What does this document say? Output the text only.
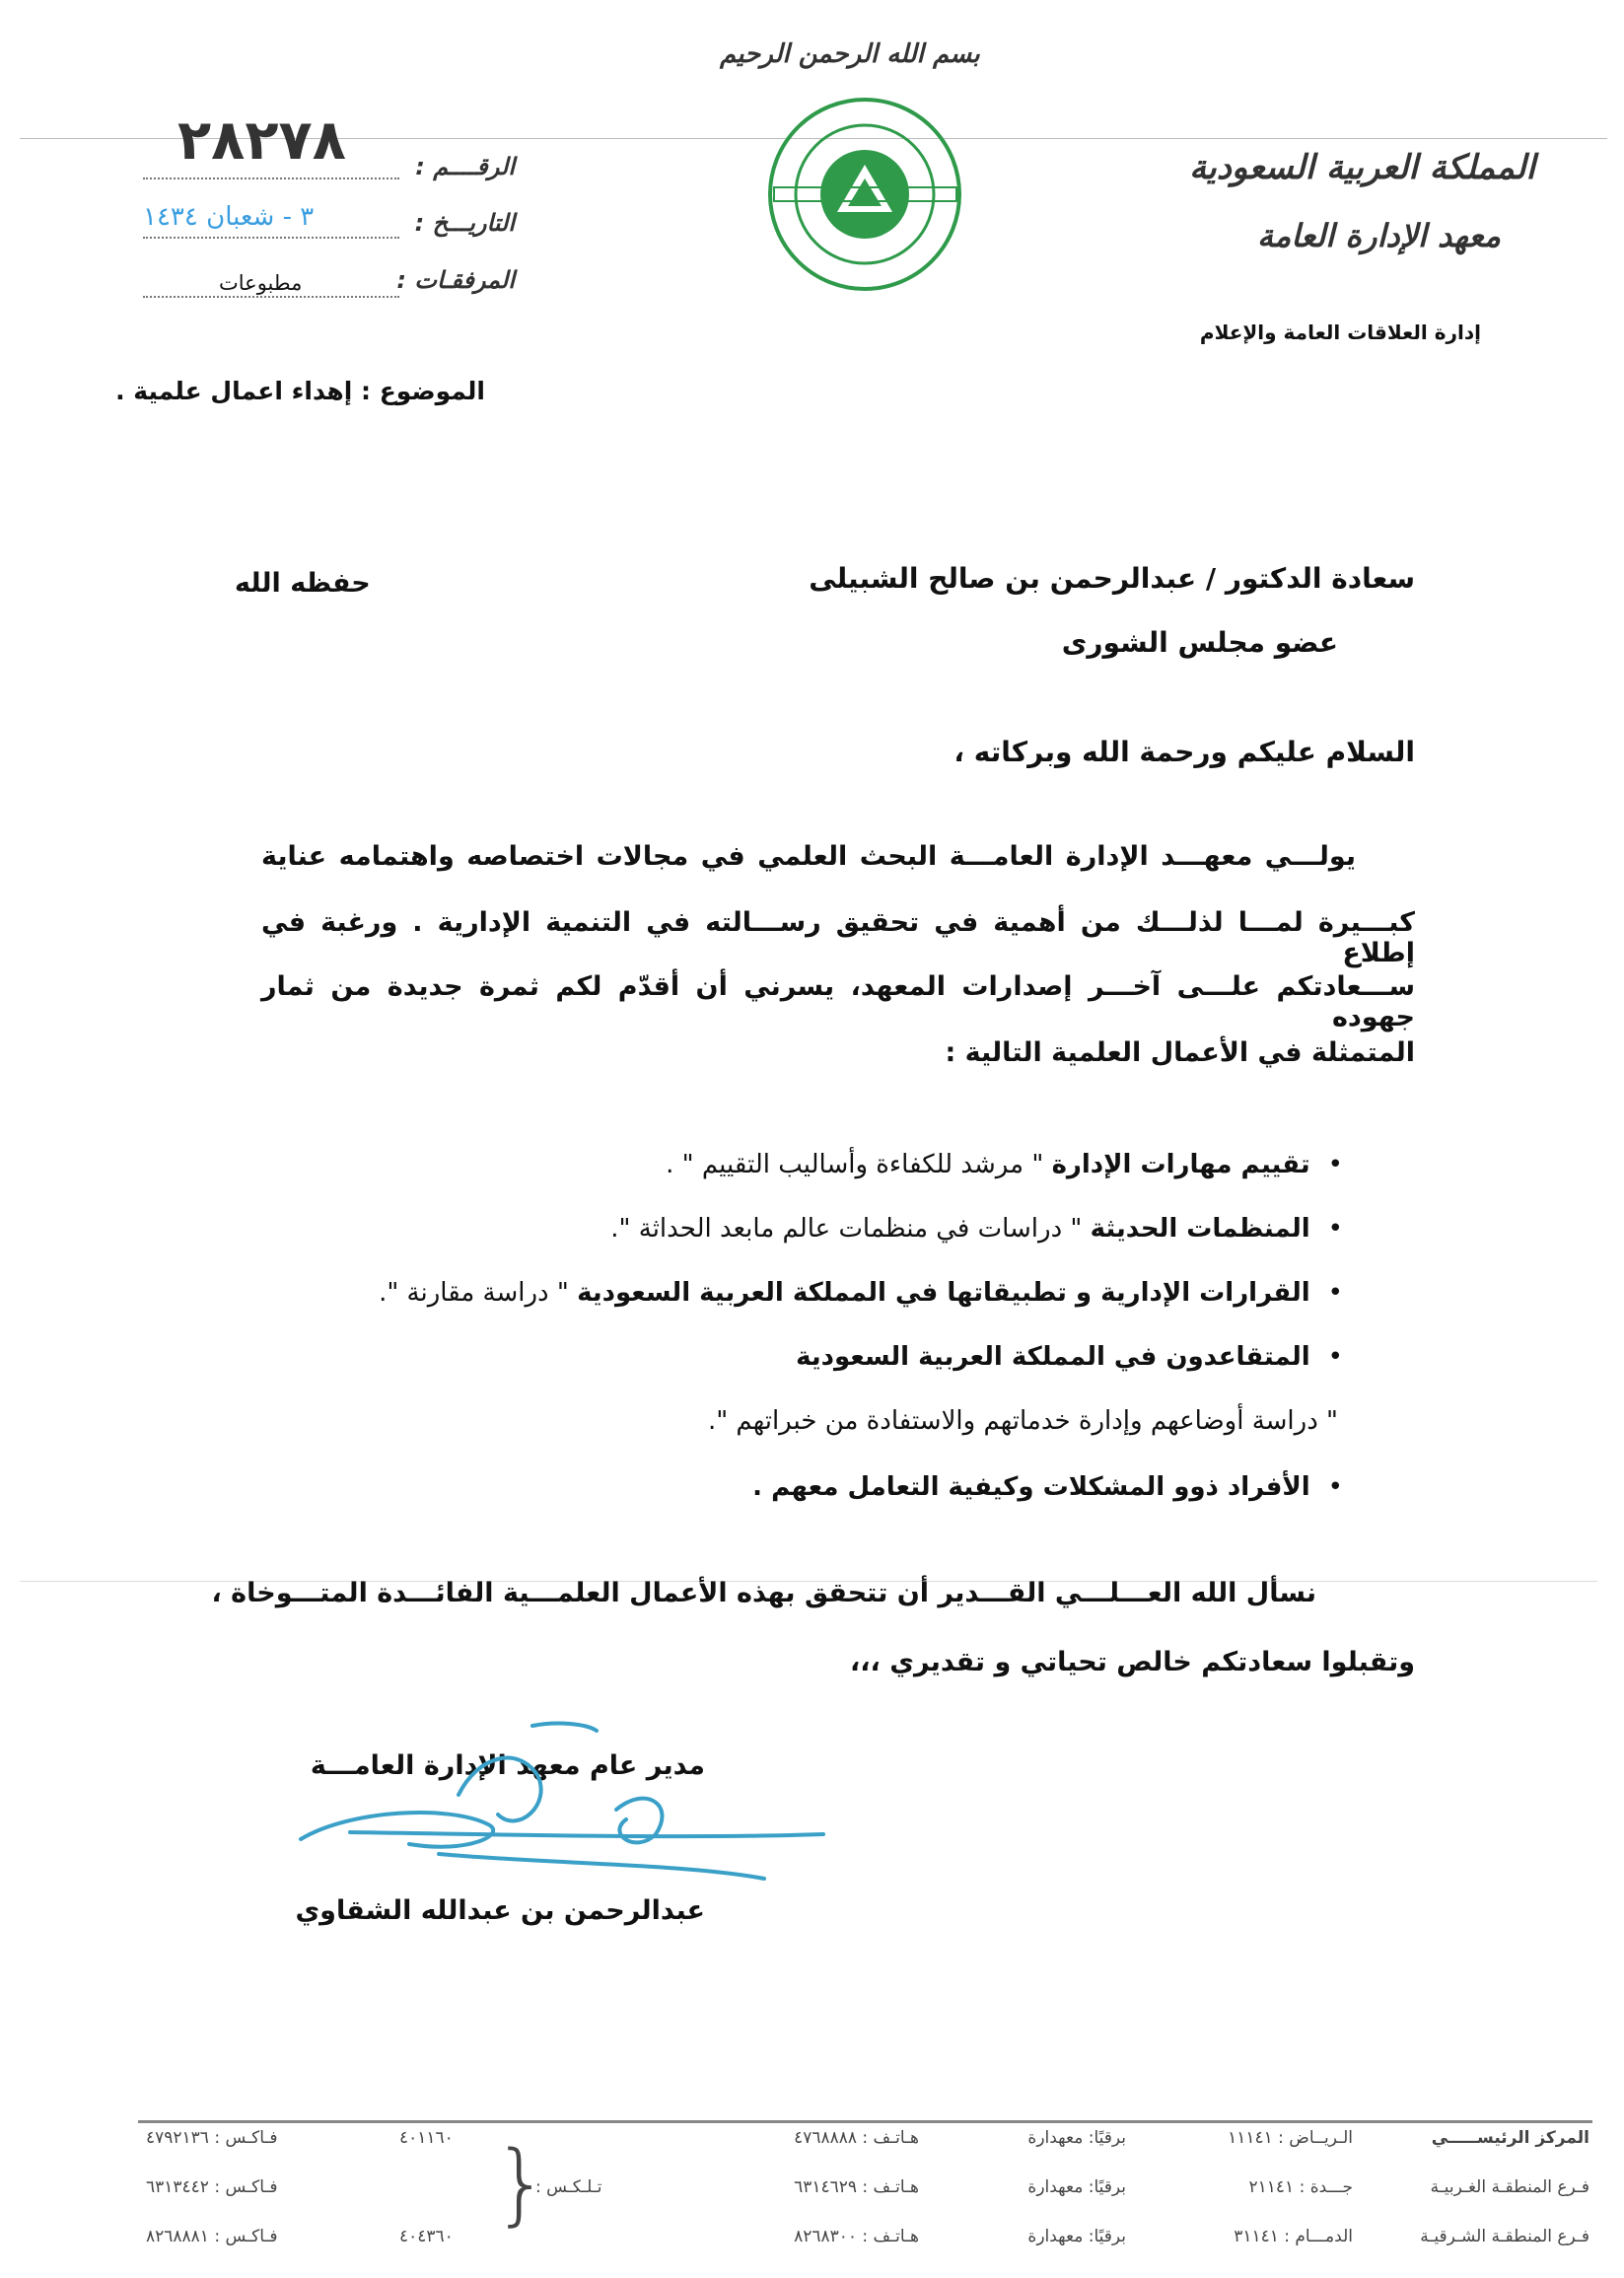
بسم الله الرحمن الرحيم
المملكة العربية السعودية
معهد الإدارة العامة
إدارة العلاقات العامة والإعلام
٢٨٢٧٨	الرقــــم :
التاريـــخ :
٣ - شعبان ١٤٣٤
المرفقـات :
مطبوعات
الموضوع : إهداء اعمال علمية .
سعادة الدكتور / عبدالرحمن بن صالح الشبيلى
حفظه الله
عضو مجلس الشورى
السلام عليكم ورحمة الله وبركاته ،
يولـــي معهـــد الإدارة العامـــة البحث العلمي في مجالات اختصاصه واهتمامه عناية
كبـــيرة لمـــا لذلـــك من أهمية في تحقيق رســـالته في التنمية الإدارية . ورغبة في إطلاع
ســـعادتكم علـــى آخـــر إصدارات المعهد، يسرني أن أقدّم لكم ثمرة جديدة من ثمار جهوده
المتمثلة في الأعمال العلمية التالية :
• تقييم مهارات الإدارة " مرشد للكفاءة وأساليب التقييم " .
• المنظمات الحديثة " دراسات في منظمات عالم مابعد الحداثة ".
• القرارات الإدارية و تطبيقاتها في المملكة العربية السعودية " دراسة مقارنة ".
• المتقاعدون في المملكة العربية السعودية
" دراسة أوضاعهم وإدارة خدماتهم والاستفادة من خبراتهم ".
• الأفراد ذوو المشكلات وكيفية التعامل معهم .
نسأل الله العـــلـــي القـــدير أن تتحقق بهذه الأعمال العلمـــية الفائـــدة المتـــوخاة ،
وتقبلوا سعادتكم خالص تحياتي و تقديري ،،،
مدير عام معهد الإدارة العامـــة
عبدالرحمن بن عبدالله الشقاوي
المركز الرئيســـــي
الـريــاض : ١١١٤١
برقيًا: معهدارة
هـاتـف : ٤٧٦٨٨٨٨
٤٠١١٦٠
فـاكـس : ٤٧٩٢١٣٦
فـرع المنطقـة الغـربيـة
جـــدة : ٢١١٤١
برقيًا: معهدارة
هـاتـف : ٦٣١٤٦٢٩
تـلـكـس :
}
فـاكـس : ٦٣١٣٤٤٢
فـرع المنطقـة الشـرقيـة
الدمـــام : ٣١١٤١
برقيًا: معهدارة
هـاتـف : ٨٢٦٨٣٠٠
٤٠٤٣٦٠
فـاكـس : ٨٢٦٨٨٨١
